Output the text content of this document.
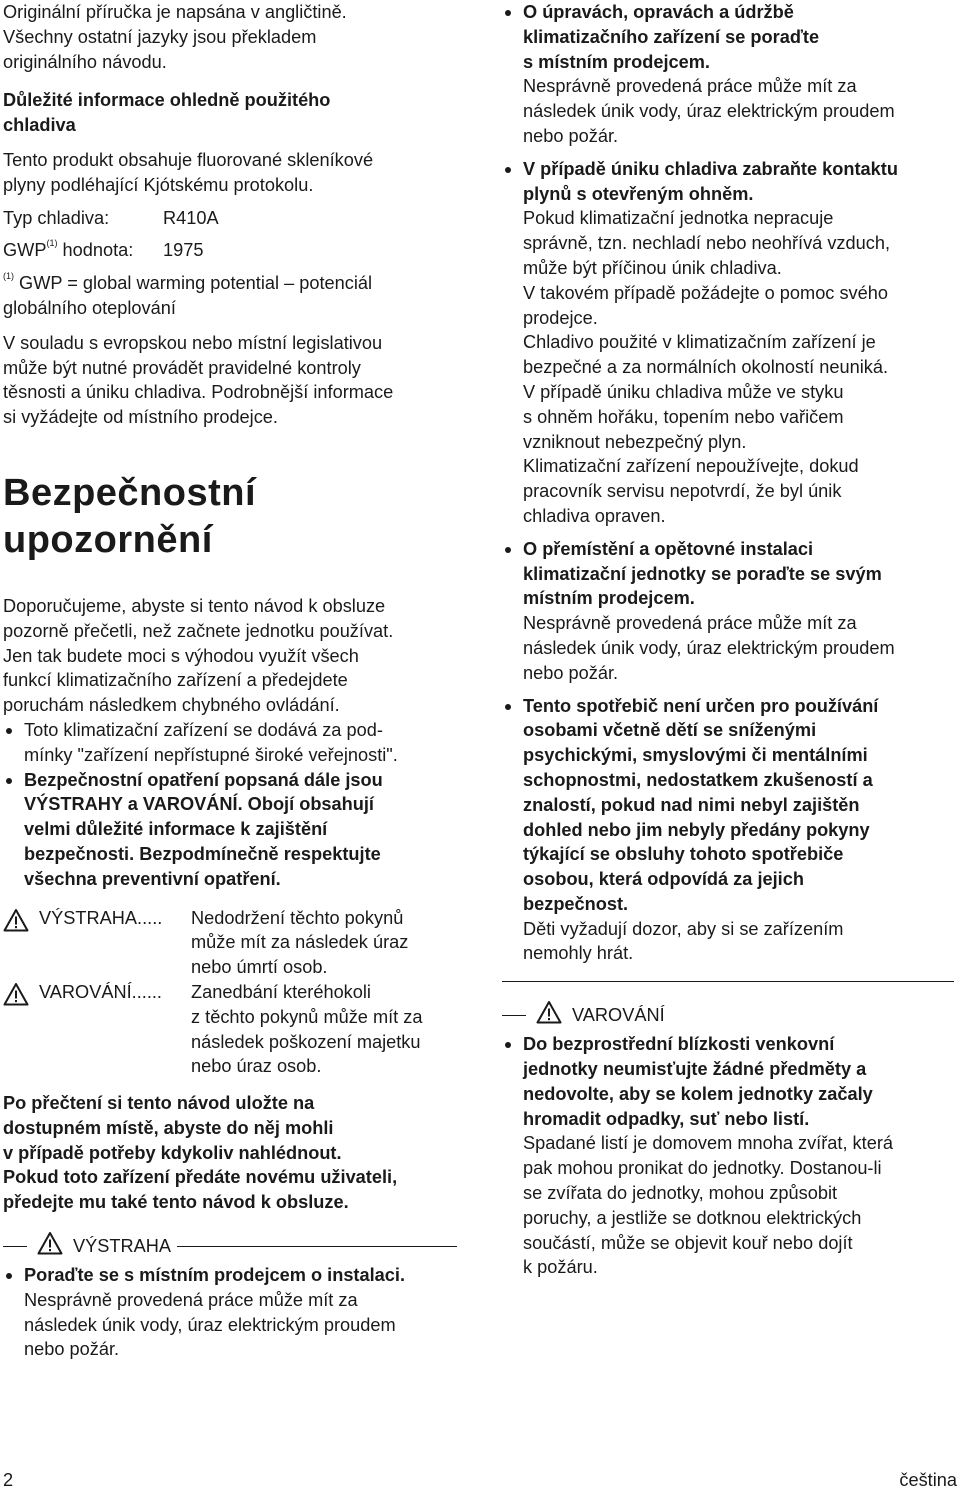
Originální příručka je napsána v angličtině.
Všechny ostatní jazyky jsou překladem
originálního návodu.

Důležité informace ohledně použitého
chladiva

Tento produkt obsahuje fluorované skleníkové
plyny podléhající Kjótskému protokolu.

Typ chladiva:	R410A
GWP$^{(1)}$ hodnota:	1975

$^{(1)}$ GWP = global warming potential – potenciál
globálního oteplování

V souladu s evropskou nebo místní legislativou
může být nutné provádět pravidelné kontroly
těsnosti a úniku chladiva. Podrobnější informace
si vyžádejte od místního prodejce.

Bezpečnostní
upozornění

Doporučujeme, abyste si tento návod k obsluze
pozorně přečetli, než začnete jednotku používat.
Jen tak budete moci s výhodou využít všech
funkcí klimatizačního zařízení a předejdete
poruchám následkem chybného ovládání.

Toto klimatizační zařízení se dodává za pod-
mínky "zařízení nepřístupné široké veřejnosti".
Bezpečnostní opatření popsaná dále jsou
VÝSTRAHY a VAROVÁNÍ. Obojí obsahují
velmi důležité informace k zajištění
bezpečnosti. Bezpodmínečně respektujte
všechna preventivní opatření.
VÝSTRAHA..... Nedodržení těchto pokynů
může mít za následek úraz
nebo úmrtí osob.
VAROVÁNÍ...... Zanedbání kteréhokoli
z těchto pokynů může mít za
následek poškození majetku
nebo úraz osob.

Po přečtení si tento návod uložte na
dostupném místě, abyste do něj mohli
v případě potřeby kdykoliv nahlédnout.
Pokud toto zařízení předáte novému uživateli,
předejte mu také tento návod k obsluze.

VÝSTRAHA
Poraďte se s místním prodejcem o instalaci.
Nesprávně provedená práce může mít za
následek únik vody, úraz elektrickým proudem
nebo požár.
O úpravách, opravách a údržbě
klimatizačního zařízení se poraďte
s místním prodejcem.
Nesprávně provedená práce může mít za
následek únik vody, úraz elektrickým proudem
nebo požár.
V případě úniku chladiva zabraňte kontaktu
plynů s otevřeným ohněm.
Pokud klimatizační jednotka nepracuje
správně, tzn. nechladí nebo neohřívá vzduch,
může být příčinou únik chladiva.
V takovém případě požádejte o pomoc svého
prodejce.
Chladivo použité v klimatizačním zařízení je
bezpečné a za normálních okolností neuniká.
V případě úniku chladiva může ve styku
s ohněm hořáku, topením nebo vařičem
vzniknout nebezpečný plyn.
Klimatizační zařízení nepoužívejte, dokud
pracovník servisu nepotvrdí, že byl únik
chladiva opraven.
O přemístění a opětovné instalaci
klimatizační jednotky se poraďte se svým
místním prodejcem.
Nesprávně provedená práce může mít za
následek únik vody, úraz elektrickým proudem
nebo požár.
Tento spotřebič není určen pro používání
osobami včetně dětí se sníženými
psychickými, smyslovými či mentálními
schopnostmi, nedostatkem zkušeností a
znalostí, pokud nad nimi nebyl zajištěn
dohled nebo jim nebyly předány pokyny
týkající se obsluhy tohoto spotřebiče
osobou, která odpovídá za jejich
bezpečnost.
Děti vyžadují dozor, aby si se zařízením
nemohly hrát.
VAROVÁNÍ
Do bezprostřední blízkosti venkovní
jednotky neumisťujte žádné předměty a
nedovolte, aby se kolem jednotky začaly
hromadit odpadky, suť nebo listí.
Spadané listí je domovem mnoha zvířat, která
pak mohou pronikat do jednotky. Dostanou-li
se zvířata do jednotky, mohou způsobit
poruchy, a jestliže se dotknou elektrických
součástí, může se objevit kouř nebo dojít
k požáru.
2	čeština
